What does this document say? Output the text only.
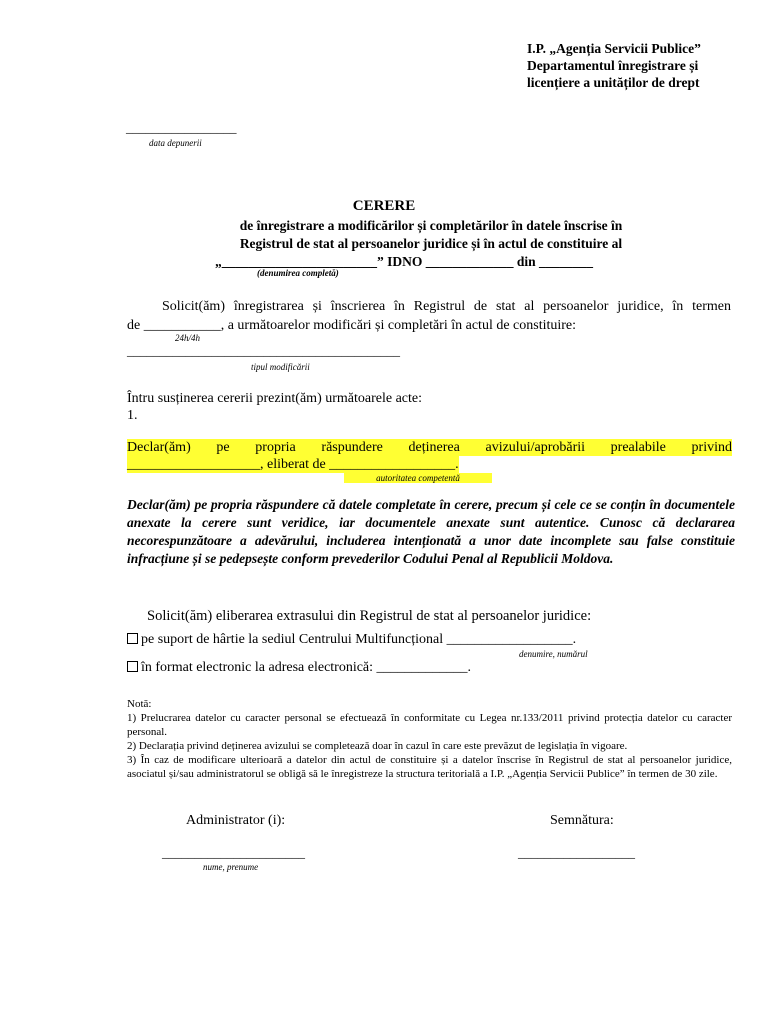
I.P. „Agenția Servicii Publice”
Departamentul înregistrare și
licențiere a unităților de drept
_________________
data depunerii
CERERE
de înregistrare a modificărilor și completărilor în datele înscrise în
Registrul de stat al persoanelor juridice și în actul de constituire al
„_______________________” IDNO _____________ din ________
(denumirea completă)
Solicit(ăm) înregistrarea și înscrierea în Registrul de stat al persoanelor juridice, în termen
de ___________, a următoarelor modificări și completări în actul de constituire:
24h/4h
__________________________________________
tipul modificării
Întru susținerea cererii prezint(ăm) următoarele acte:
1.
Declar(ăm) pe propria răspundere deținerea avizului/aprobării prealabile privind
___________________, eliberat de __________________.
autoritatea competentă
Declar(ăm) pe propria răspundere că datele completate în cerere, precum și cele ce se conțin în documentele anexate la cerere sunt veridice, iar documentele anexate sunt autentice. Cunosc că declararea necorespunzătoare a adevărului, includerea intenționată a unor date incomplete sau false constituie infracțiune și se pedepsește conform prevederilor Codului Penal al Republicii Moldova.
Solicit(ăm) eliberarea extrasului din Registrul de stat al persoanelor juridice:
pe suport de hârtie la sediul Centrului Multifuncțional __________________.
denumire, numărul
în format electronic la adresa electronică: _____________.

Notă:

1) Prelucrarea datelor cu caracter personal se efectuează în conformitate cu Legea nr.133/2011 privind protecția datelor cu caracter personal.

2) Declarația privind deținerea avizului se completează doar în cazul în care este prevăzut de legislația în vigoare.

3) În caz de modificare ulterioară a datelor din actul de constituire și a datelor înscrise în Registrul de stat al persoanelor juridice, asociatul și/sau administratorul se obligă să le înregistreze la structura teritorială a I.P. „Agenția Servicii Publice” în termen de 30 zile.

Administrator (i):	Semnătura:
______________________	__________________
nume, prenume
